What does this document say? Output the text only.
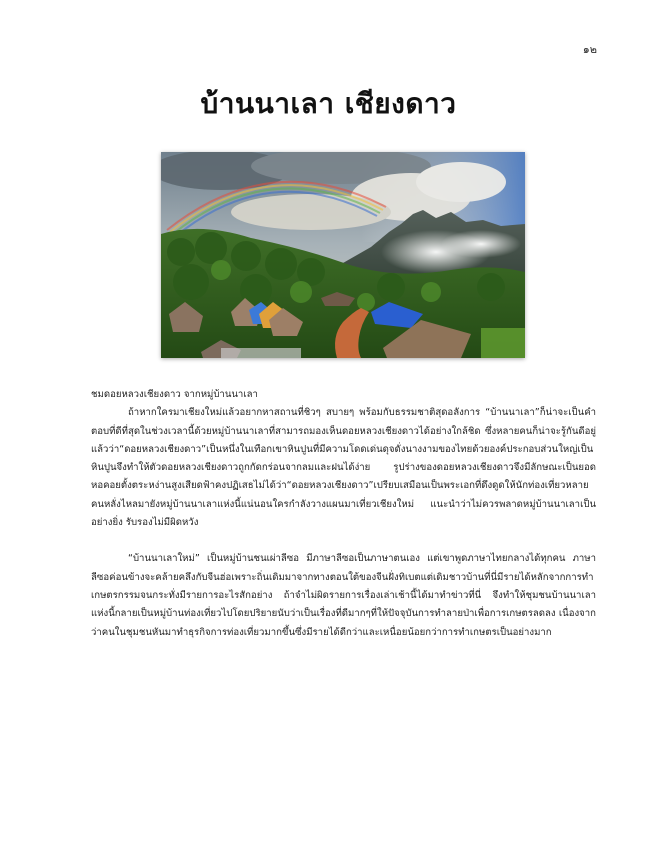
๑๒
บ้านนาเลา เชียงดาว

ชมดอยหลวงเชียงดาว จากหมู่บ้านนาเลา

ถ้าหากใครมาเชียงใหม่แล้วอยากหาสถานที่ชิวๆ สบายๆ พร้อมกับธรรมชาติสุดอลังการ “บ้านนาเลา”ก็น่าจะเป็นคำตอบที่ดีที่สุดในช่วงเวลานี้ด้วยหมู่บ้านนาเลาที่สามารถมองเห็นดอยหลวงเชียงดาวได้อย่างใกล้ชิด ซึ่งหลายคนก็น่าจะรู้กันดีอยู่แล้วว่า“ดอยหลวงเชียงดาว”เป็นหนึ่งในเทือกเขาหินปูนที่มีความโดดเด่นดุจดั่งนางงามของไทยด้วยองค์ประกอบส่วนใหญ่เป็นหินปูนจึงทำให้ตัวดอยหลวงเชียงดาวถูกกัดกร่อนจากลมและฝนได้ง่าย รูปร่างของดอยหลวงเชียงดาวจึงมีลักษณะเป็นยอดหอคอยตั้งตระหง่านสูงเสียดฟ้าคงปฏิเสธไม่ได้ว่า“ดอยหลวงเชียงดาว”เปรียบเสมือนเป็นพระเอกที่ดึงดูดให้นักท่องเที่ยวหลายคนหลั่งไหลมายังหมู่บ้านนาเลาแห่งนี้แน่นอนใครกำลังวางแผนมาเที่ยวเชียงใหม่ แนะนำว่าไม่ควรพลาดหมู่บ้านนาเลาเป็นอย่างยิ่ง รับรองไม่มีผิดหวัง

“บ้านนาเลาใหม่” เป็นหมู่บ้านชนเผ่าลีซอ มีภาษาลีซอเป็นภาษาตนเอง แต่เขาพูดภาษาไทยกลางได้ทุกคน ภาษาลีซอค่อนข้างจะคล้ายคลึงกับจีนฮ่อเพราะถิ่นเดิมมาจากทางตอนใต้ของจีนฝั่งทิเบตแต่เดิมชาวบ้านที่นี่มีรายได้หลักจากการทำเกษตรกรรมจนกระทั่งมีรายการอะไรสักอย่าง ถ้าจำไม่ผิดรายการเรื่องเล่าเช้านี้ได้มาทำข่าวที่นี่ จึงทำให้ชุมชนบ้านนาเลาแห่งนี้กลายเป็นหมู่บ้านท่องเที่ยวไปโดยปริยายนับว่าเป็นเรื่องที่ดีมากๆที่ให้ปัจจุบันการทำลายป่าเพื่อการเกษตรลดลง เนื่องจากว่าคนในชุมชนหันมาทำธุรกิจการท่องเที่ยวมากขึ้นซึ่งมีรายได้ดีกว่าและเหนื่อยน้อยกว่าการทำเกษตรเป็นอย่างมาก
